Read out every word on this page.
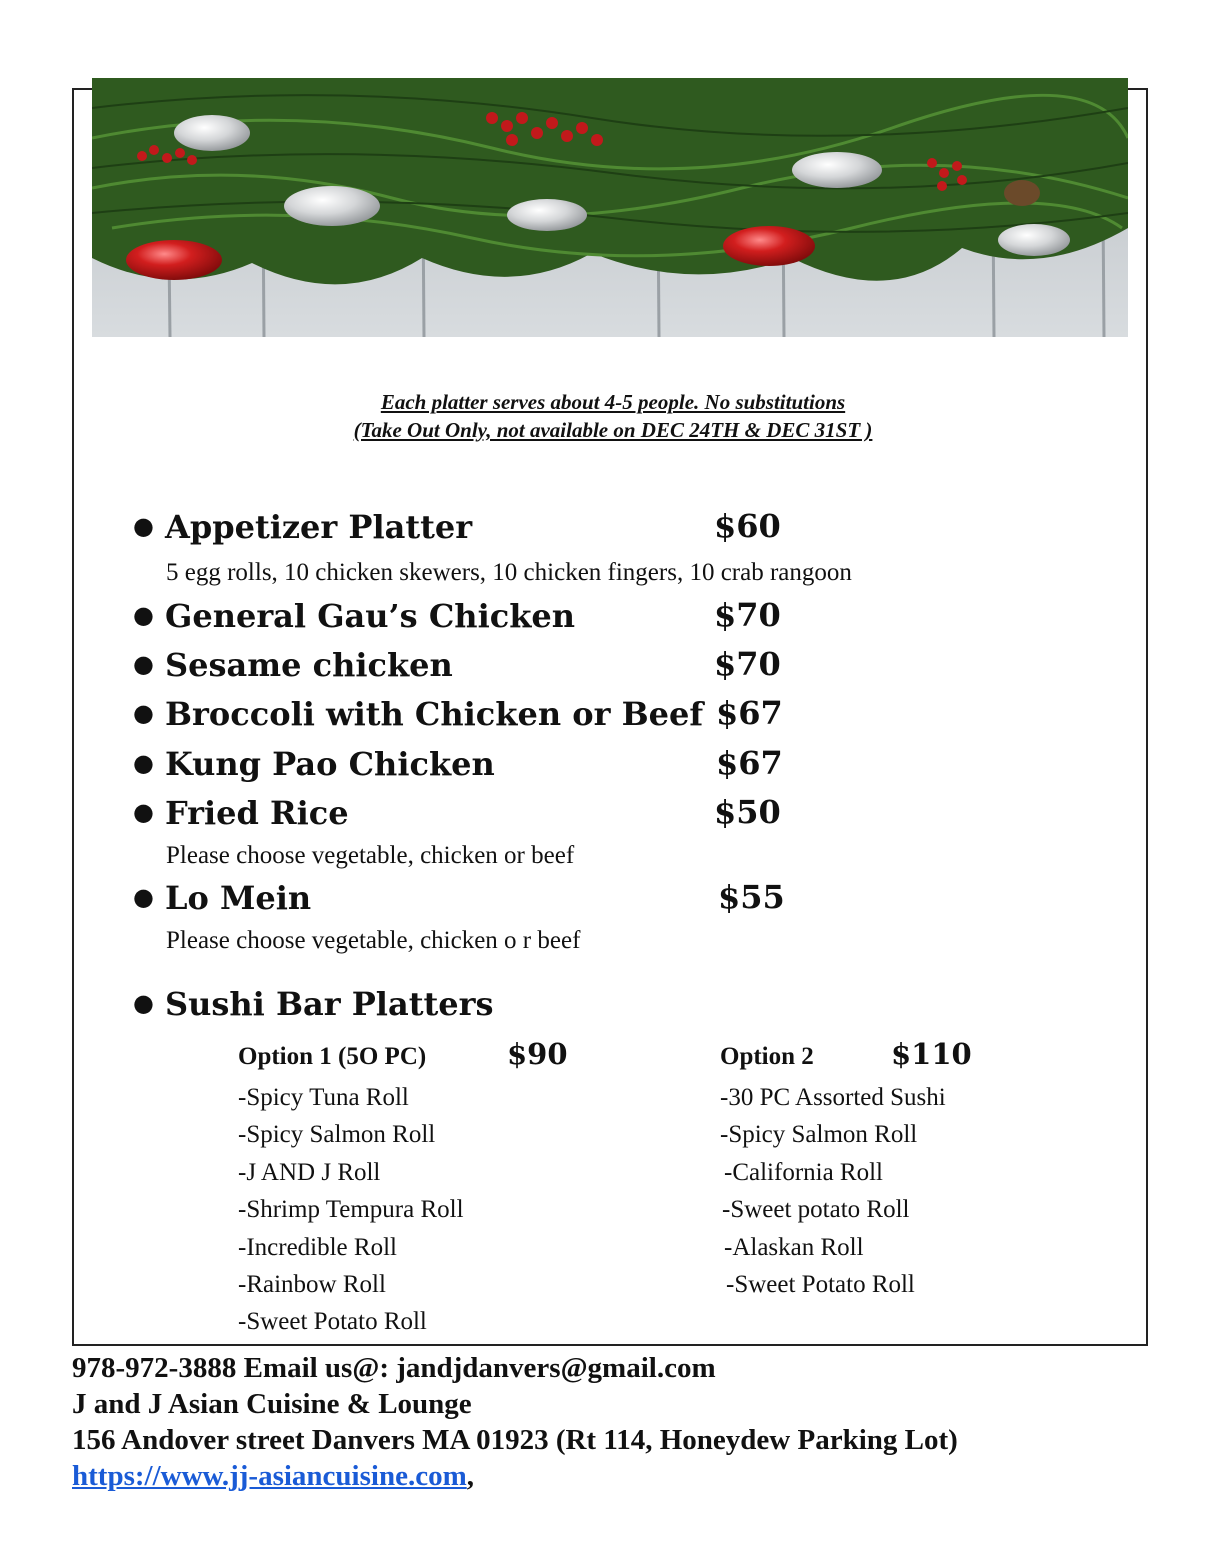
Each platter serves about 4-5 people. No substitutions
(Take Out Only, not available on DEC 24TH & DEC 31ST )
● Appetizer Platter	$60
5 egg rolls, 10 chicken skewers, 10 chicken fingers, 10 crab rangoon
● General Gau’s Chicken	$70
● Sesame chicken	$70
● Broccoli with Chicken or Beef $67
● Kung Pao Chicken	$67
● Fried Rice	$50
Please choose vegetable, chicken or beef
● Lo Mein	$55
Please choose vegetable, chicken o r beef
● Sushi Bar Platters
Option 1 (5O PC)	$90
-Spicy Tuna Roll
-Spicy Salmon Roll
-J AND J Roll
-Shrimp Tempura Roll
-Incredible Roll
-Rainbow Roll
-Sweet Potato Roll
Option 2	$110
-30 PC Assorted Sushi
-Spicy Salmon Roll
-California Roll
-Sweet potato Roll
-Alaskan Roll
-Sweet Potato Roll
978-972-3888 Email us@: jandjdanvers@gmail.com
J and J Asian Cuisine & Lounge
156 Andover street Danvers MA 01923 (Rt 114, Honeydew Parking Lot)
https://www.jj-asiancuisine.com,
